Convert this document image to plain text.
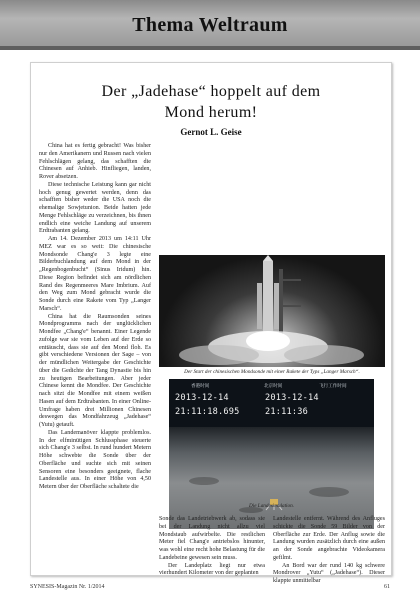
Thema Weltraum
Der „Jadehase“ hoppelt auf dem
Mond herum!
Gernot L. Geise

China hat es fertig gebracht! Was bisher nur den Amerikanern und Russen nach vielen Fehlschlägen gelang, das schafften die Chinesen auf Anhieb. Hinfliegen, landen, Rover absetzen.

Diese technische Leistung kann gar nicht hoch genug gewertet werden, denn das schafften bisher weder die USA noch die ehemalige Sowjetunion. Beide hatten jede Menge Fehlschläge zu verzeichnen, bis ihnen endlich eine weiche Landung auf unserem Erdtrabanten gelang.

Am 14. Dezember 2013 um 14:11 Uhr MEZ war es so weit: Die chinesische Mondsonde Chang'e 3 legte eine Bilderbuchlandung auf dem Mond in der „Regenbogenbucht“ (Sinus Iridum) hin. Diese Region befindet sich am nördlichen Rand des Regenmeeres Mare Imbrium. Auf den Weg zum Mond gebracht wurde die Sonde durch eine Rakete vom Typ „Langer Marsch“.

China hat die Raumsonden seines Mondprogramms nach der unglücklichen Mondfee „Chang'e“ benannt. Einer Legende zufolge war sie vom Leben auf der Erde so enttäuscht, dass sie auf den Mond floh. Es gibt verschiedene Versionen der Sage – von der mündlichen Weitergabe der Geschichte über die Gedichte der Tang Dynastie bis hin zu heutigen Bearbeitungen. Aber jeder Chinese kennt die Mondfee. Der Geschichte nach sitzt die Mondfee mit einem weißen Hasen auf dem Erdtrabanten. In einer Online-Umfrage haben drei Millionen Chinesen deswegen das Mondfahrzeug „Jadehase“ (Yutu) getauft.

Das Landemanöver klappte problemlos. In der elfminütigen Schlussphase steuerte sich Chang'e 3 selbst. In rund hundert Metern Höhe schwebte die Sonde über der Oberfläche und suchte sich mit seinen Sensoren eine besonders geeignete, flache Landestelle aus. In einer Höhe von 4,50 Metern über der Oberfläche schaltete die

Der Start der chinesischen Mondsonde mit einer Rakete der Typs „Langer Marsch“.
香港时间	北京时间	飞行工作时间
2013-12-14
21:11:18.695
2013-12-14
21:11:36
Die Landesimulation.

Sonde das Landetriebwerk ab, sodass sie bei der Landung nicht allzu viel Mondstaub aufwirbelte. Die restlichen Meter fiel Chang'e antriebslos hinunter, was wohl eine recht hohe Belastung für die Landebeine gewesen sein muss.

Der Landeplatz liegt nur etwa vierhundert Kilometer von der geplanten

Landestelle entfernt. Während des Anfluges schickte die Sonde 59 Bilder von der Oberfläche zur Erde. Der Anflug sowie die Landung wurden zusätzlich durch eine außen an der Sonde angebrachte Videokamera gefilmt.

An Bord war der rund 140 kg schwere Mondrover „Yutu“ („Jadehase“). Dieser klappte unmittelbar

SYNESIS-Magazin Nr. 1/2014	61
